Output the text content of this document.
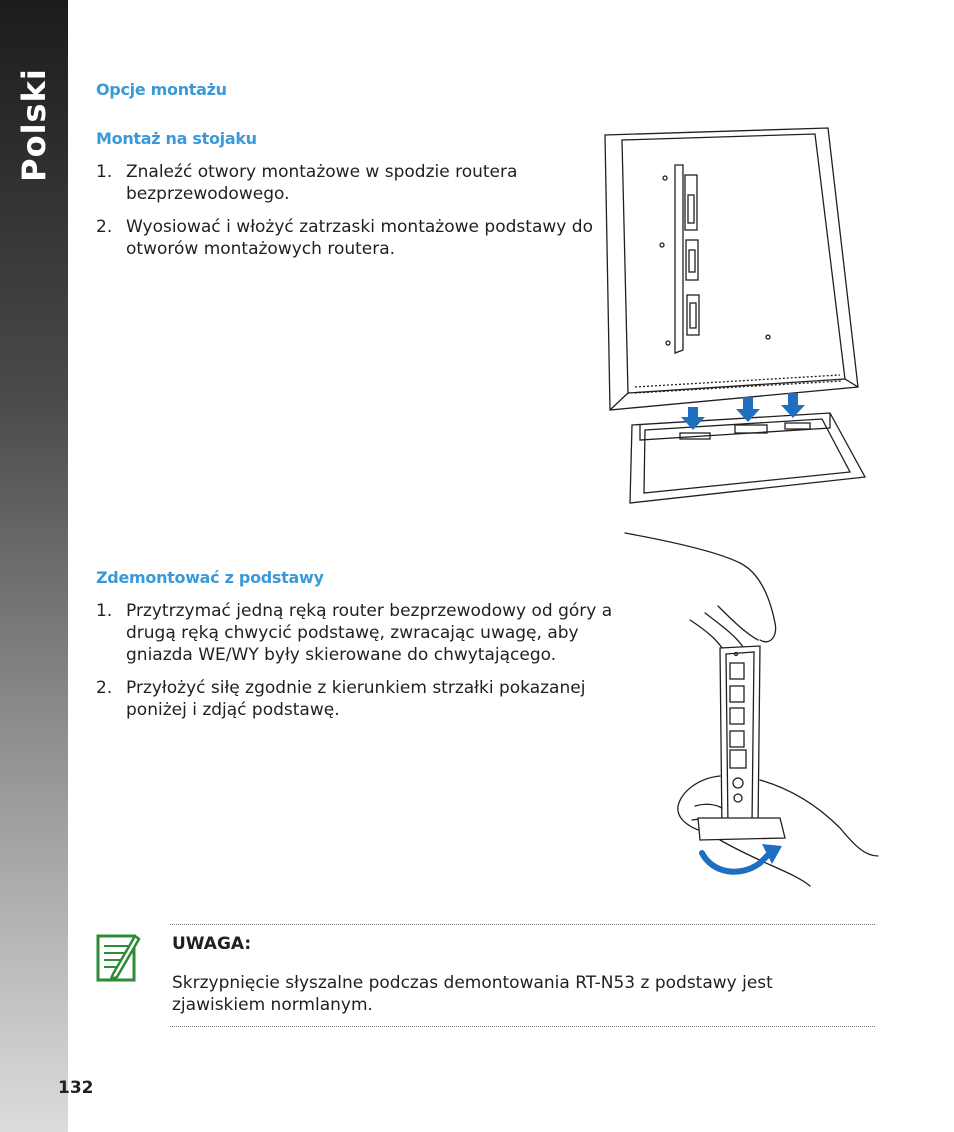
Polski	Opcje montażu
Montaż na stojaku
1. Znaleźć otwory montażowe w spodzie routera bezprzewodowego.
2. Wyosiować i włożyć zatrzaski montażowe podstawy do otworów montażowych routera.
Zdemontować z podstawy
1. Przytrzymać jedną ręką router bezprzewodowy od góry a drugą ręką chwycić podstawę, zwracając uwagę, aby gniazda WE/WY były skierowane do chwytającego.
2. Przyłożyć siłę zgodnie z kierunkiem strzałki pokazanej poniżej i zdjąć podstawę.

UWAGA:

Skrzypnięcie słyszalne podczas demontowania RT-N53 z podstawy jest zjawiskiem normlanym.

132
